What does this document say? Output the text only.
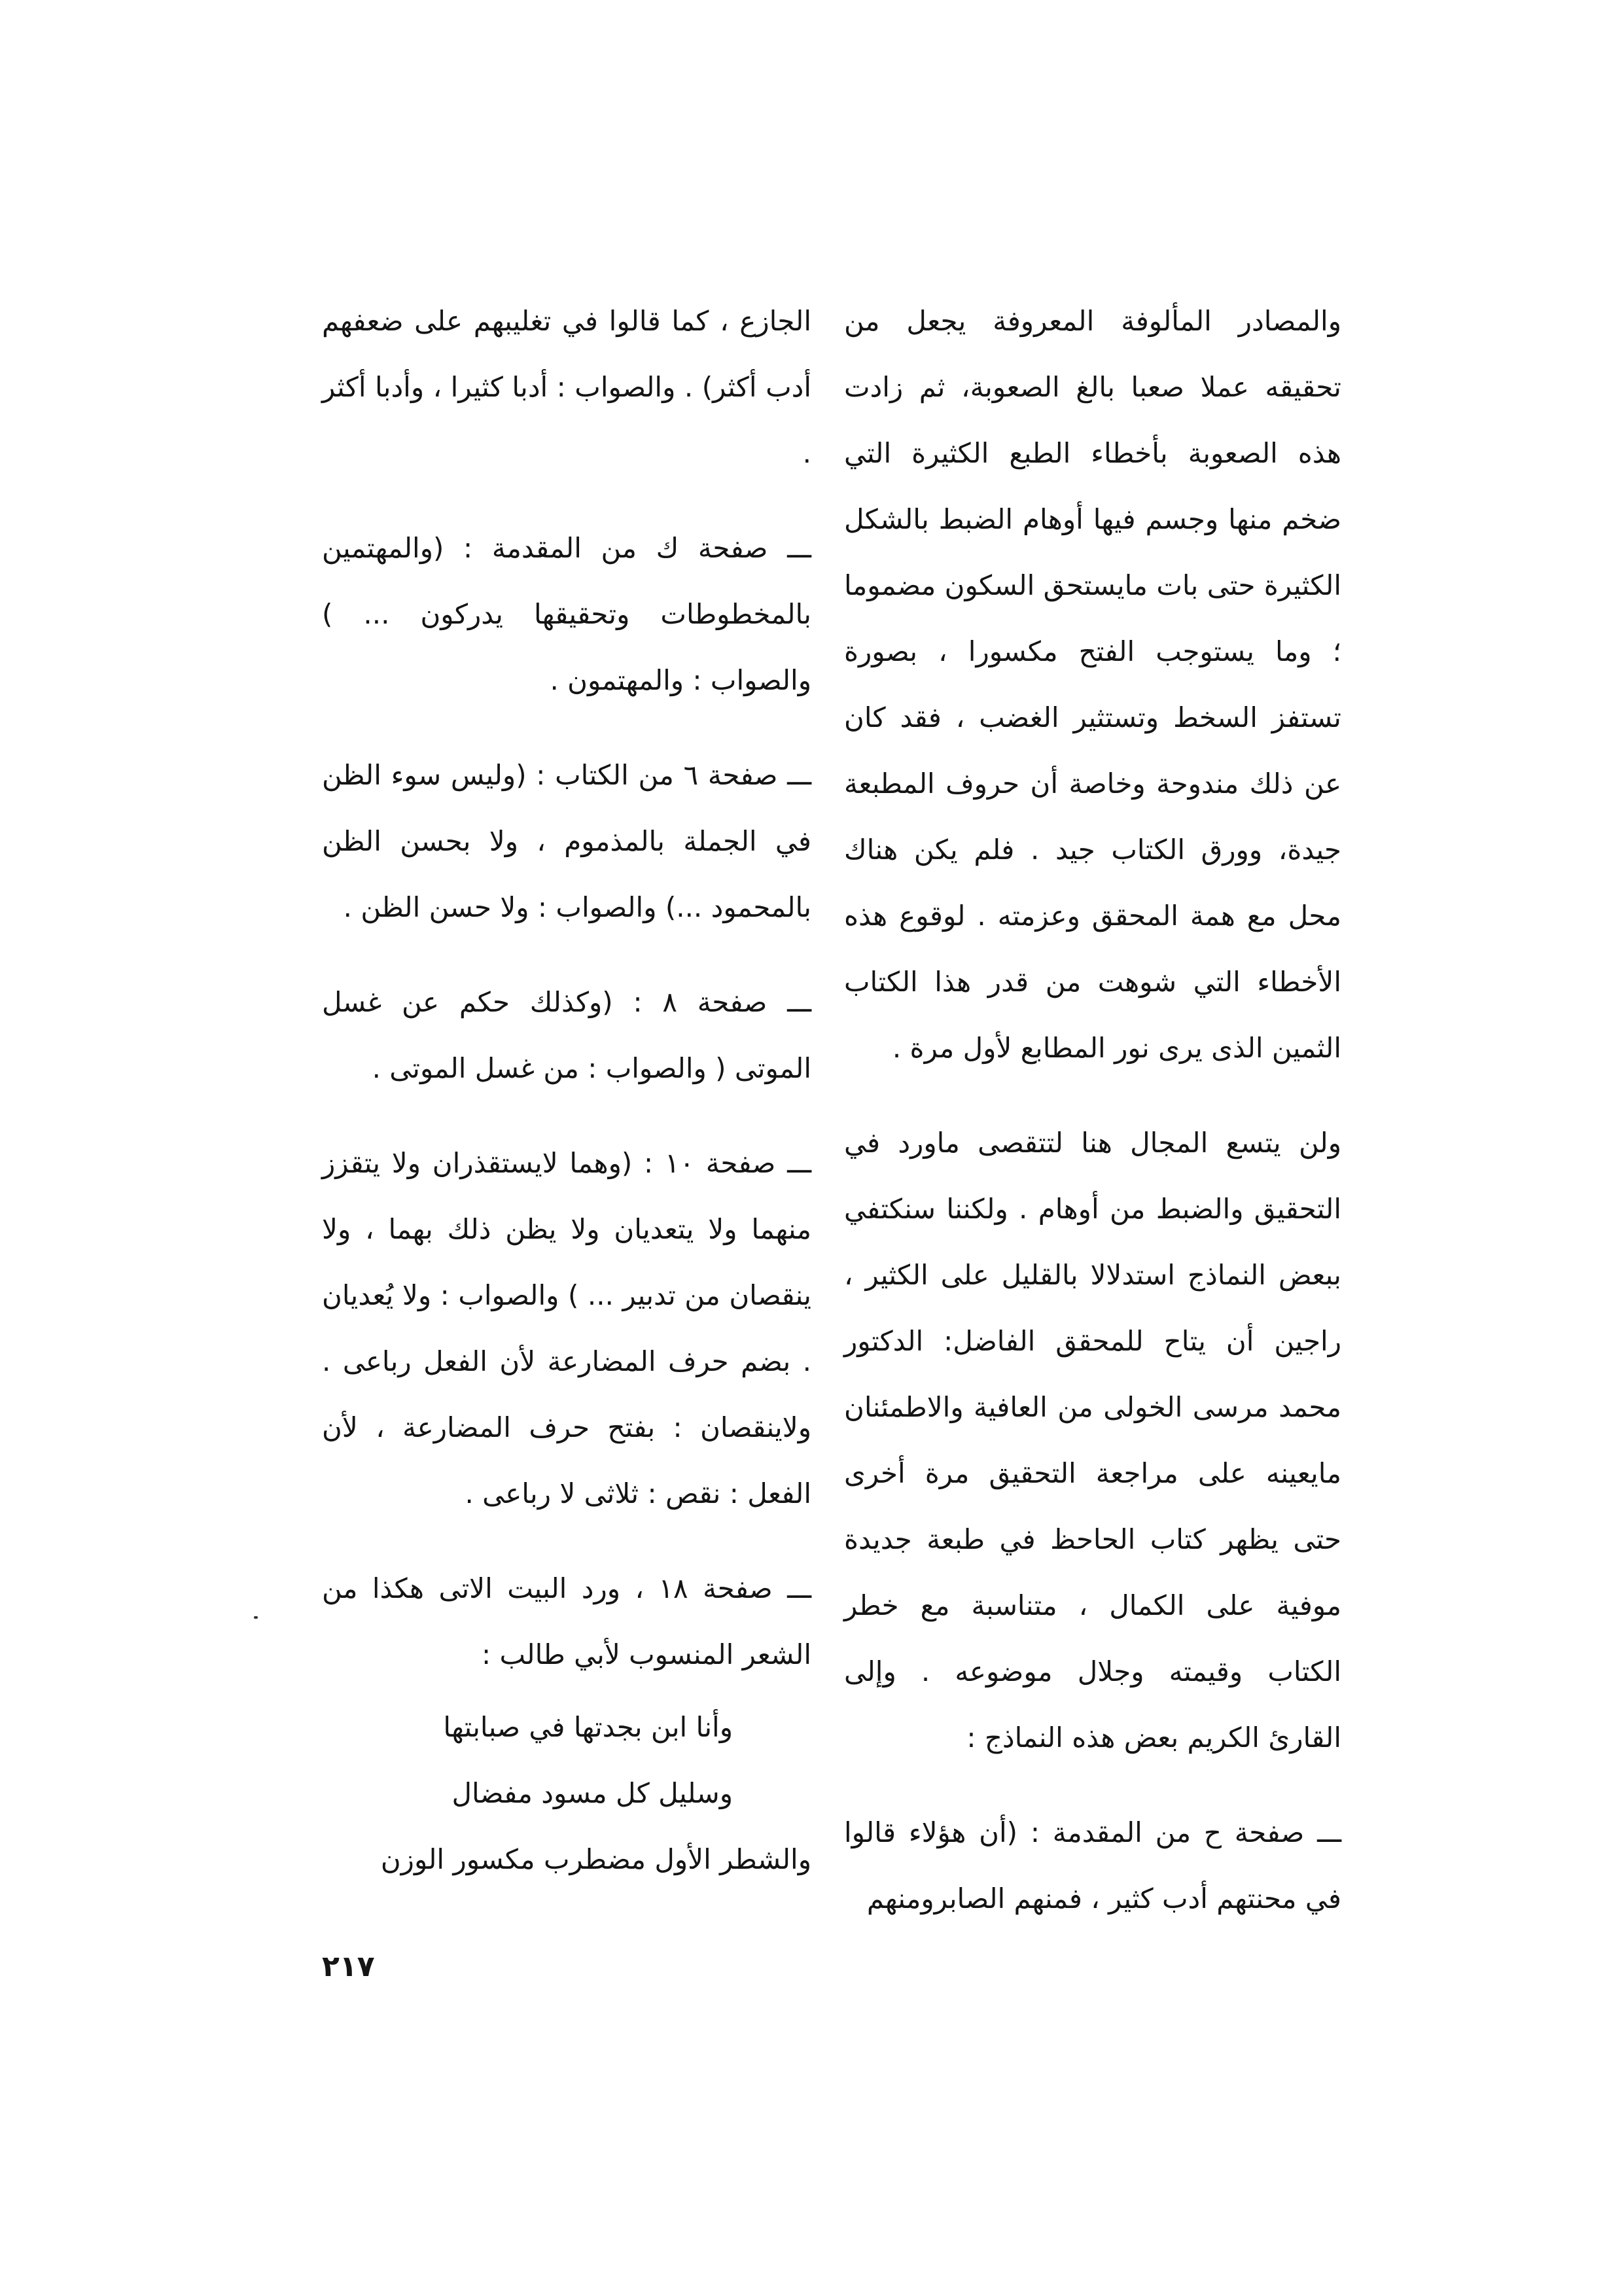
والمصادر المألوفة المعروفة يجعل من تحقيقه عملا صعبا بالغ الصعوبة، ثم زادت هذه الصعوبة بأخطاء الطبع الكثيرة التي ضخم منها وجسم فيها أوهام الضبط بالشكل الكثيرة حتى بات مايستحق السكون مضموما ؛ وما يستوجب الفتح مكسورا ، بصورة تستفز السخط وتستثير الغضب ، فقد كان عن ذلك مندوحة وخاصة أن حروف المطبعة جيدة، وورق الكتاب جيد . فلم يكن هناك محل مع همة المحقق وعزمته . لوقوع هذه الأخطاء التي شوهت من قدر هذا الكتاب الثمين الذى يرى نور المطابع لأول مرة .

ولن يتسع المجال هنا لتتقصى ماورد في التحقيق والضبط من أوهام . ولكننا سنكتفي ببعض النماذج استدلالا بالقليل على الكثير ، راجين أن يتاح للمحقق الفاضل: الدكتور محمد مرسى الخولى من العافية والاطمئنان مايعينه على مراجعة التحقيق مرة أخرى حتى يظهر كتاب الحاحظ في طبعة جديدة موفية على الكمال ، متناسبة مع خطر الكتاب وقيمته وجلال موضوعه . وإلى القارئ الكريم بعض هذه النماذج :

ـــ صفحة ح من المقدمة : (أن هؤلاء قالوا في محنتهم أدب كثير ، فمنهم الصابرومنهم

الجازع ، كما قالوا في تغليبهم على ضعفهم أدب أكثر) . والصواب : أدبا كثيرا ، وأدبا أكثر .

ـــ صفحة ك من المقدمة : (والمهتمين بالمخطوطات وتحقيقها يدركون ... ) والصواب : والمهتمون .

ـــ صفحة ٦ من الكتاب : (وليس سوء الظن في الجملة بالمذموم ، ولا بحسن الظن بالمحمود ...) والصواب : ولا حسن الظن .

ـــ صفحة ٨ : (وكذلك حكم عن غسل الموتى ( والصواب : من غسل الموتى .

ـــ صفحة ١٠ : (وهما لايستقذران ولا يتقزز منهما ولا يتعديان ولا يظن ذلك بهما ، ولا ينقصان من تدبير ... ) والصواب : ولا يُعديان . بضم حرف المضارعة لأن الفعل رباعى . ولاينقصان : بفتح حرف المضارعة ، لأن الفعل : نقص : ثلاثى لا رباعى .

ـــ صفحة ١٨ ، ورد البيت الاتى هكذا من الشعر المنسوب لأبي طالب :

وأنا ابن بجدتها في صبابتها

وسليل كل مسود مفضال

والشطر الأول مضطرب مكسور الوزن

٢١٧
